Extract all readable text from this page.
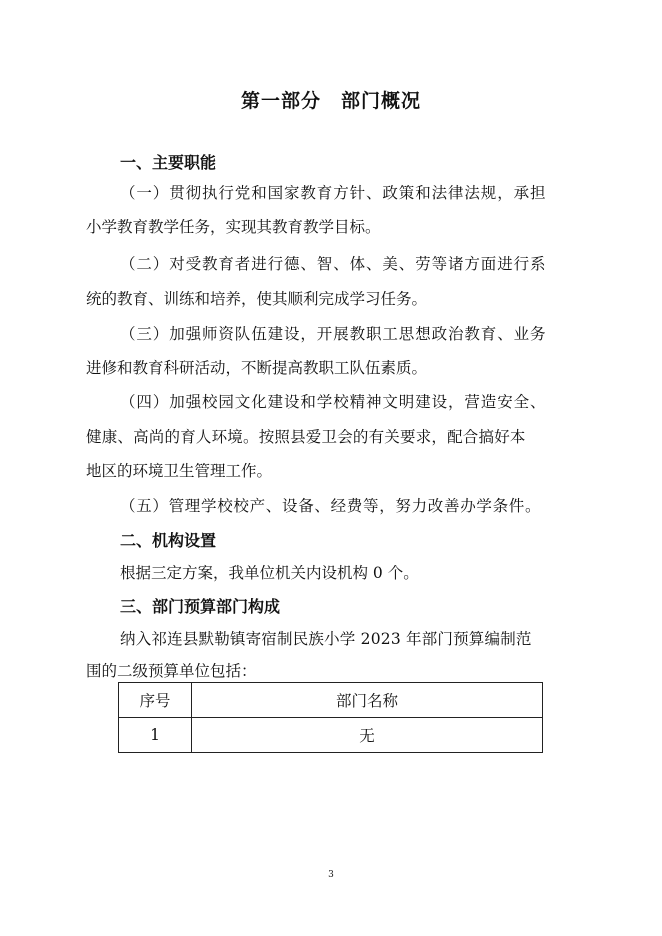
第一部分　部门概况
一、主要职能
（一）贯彻执行党和国家教育方针、政策和法律法规，承担
小学教育教学任务，实现其教育教学目标。
（二）对受教育者进行德、智、体、美、劳等诸方面进行系
统的教育、训练和培养，使其顺利完成学习任务。
（三）加强师资队伍建设，开展教职工思想政治教育、业务
进修和教育科研活动，不断提高教职工队伍素质。
（四）加强校园文化建设和学校精神文明建设，营造安全、
健康、高尚的育人环境。按照县爱卫会的有关要求，配合搞好本
地区的环境卫生管理工作。
（五）管理学校校产、设备、经费等，努力改善办学条件。
二、机构设置
根据三定方案，我单位机关内设机构 0 个。
三、部门预算部门构成
纳入祁连县默勒镇寄宿制民族小学 2023 年部门预算编制范
围的二级预算单位包括：
序号	部门名称
1	无
3
